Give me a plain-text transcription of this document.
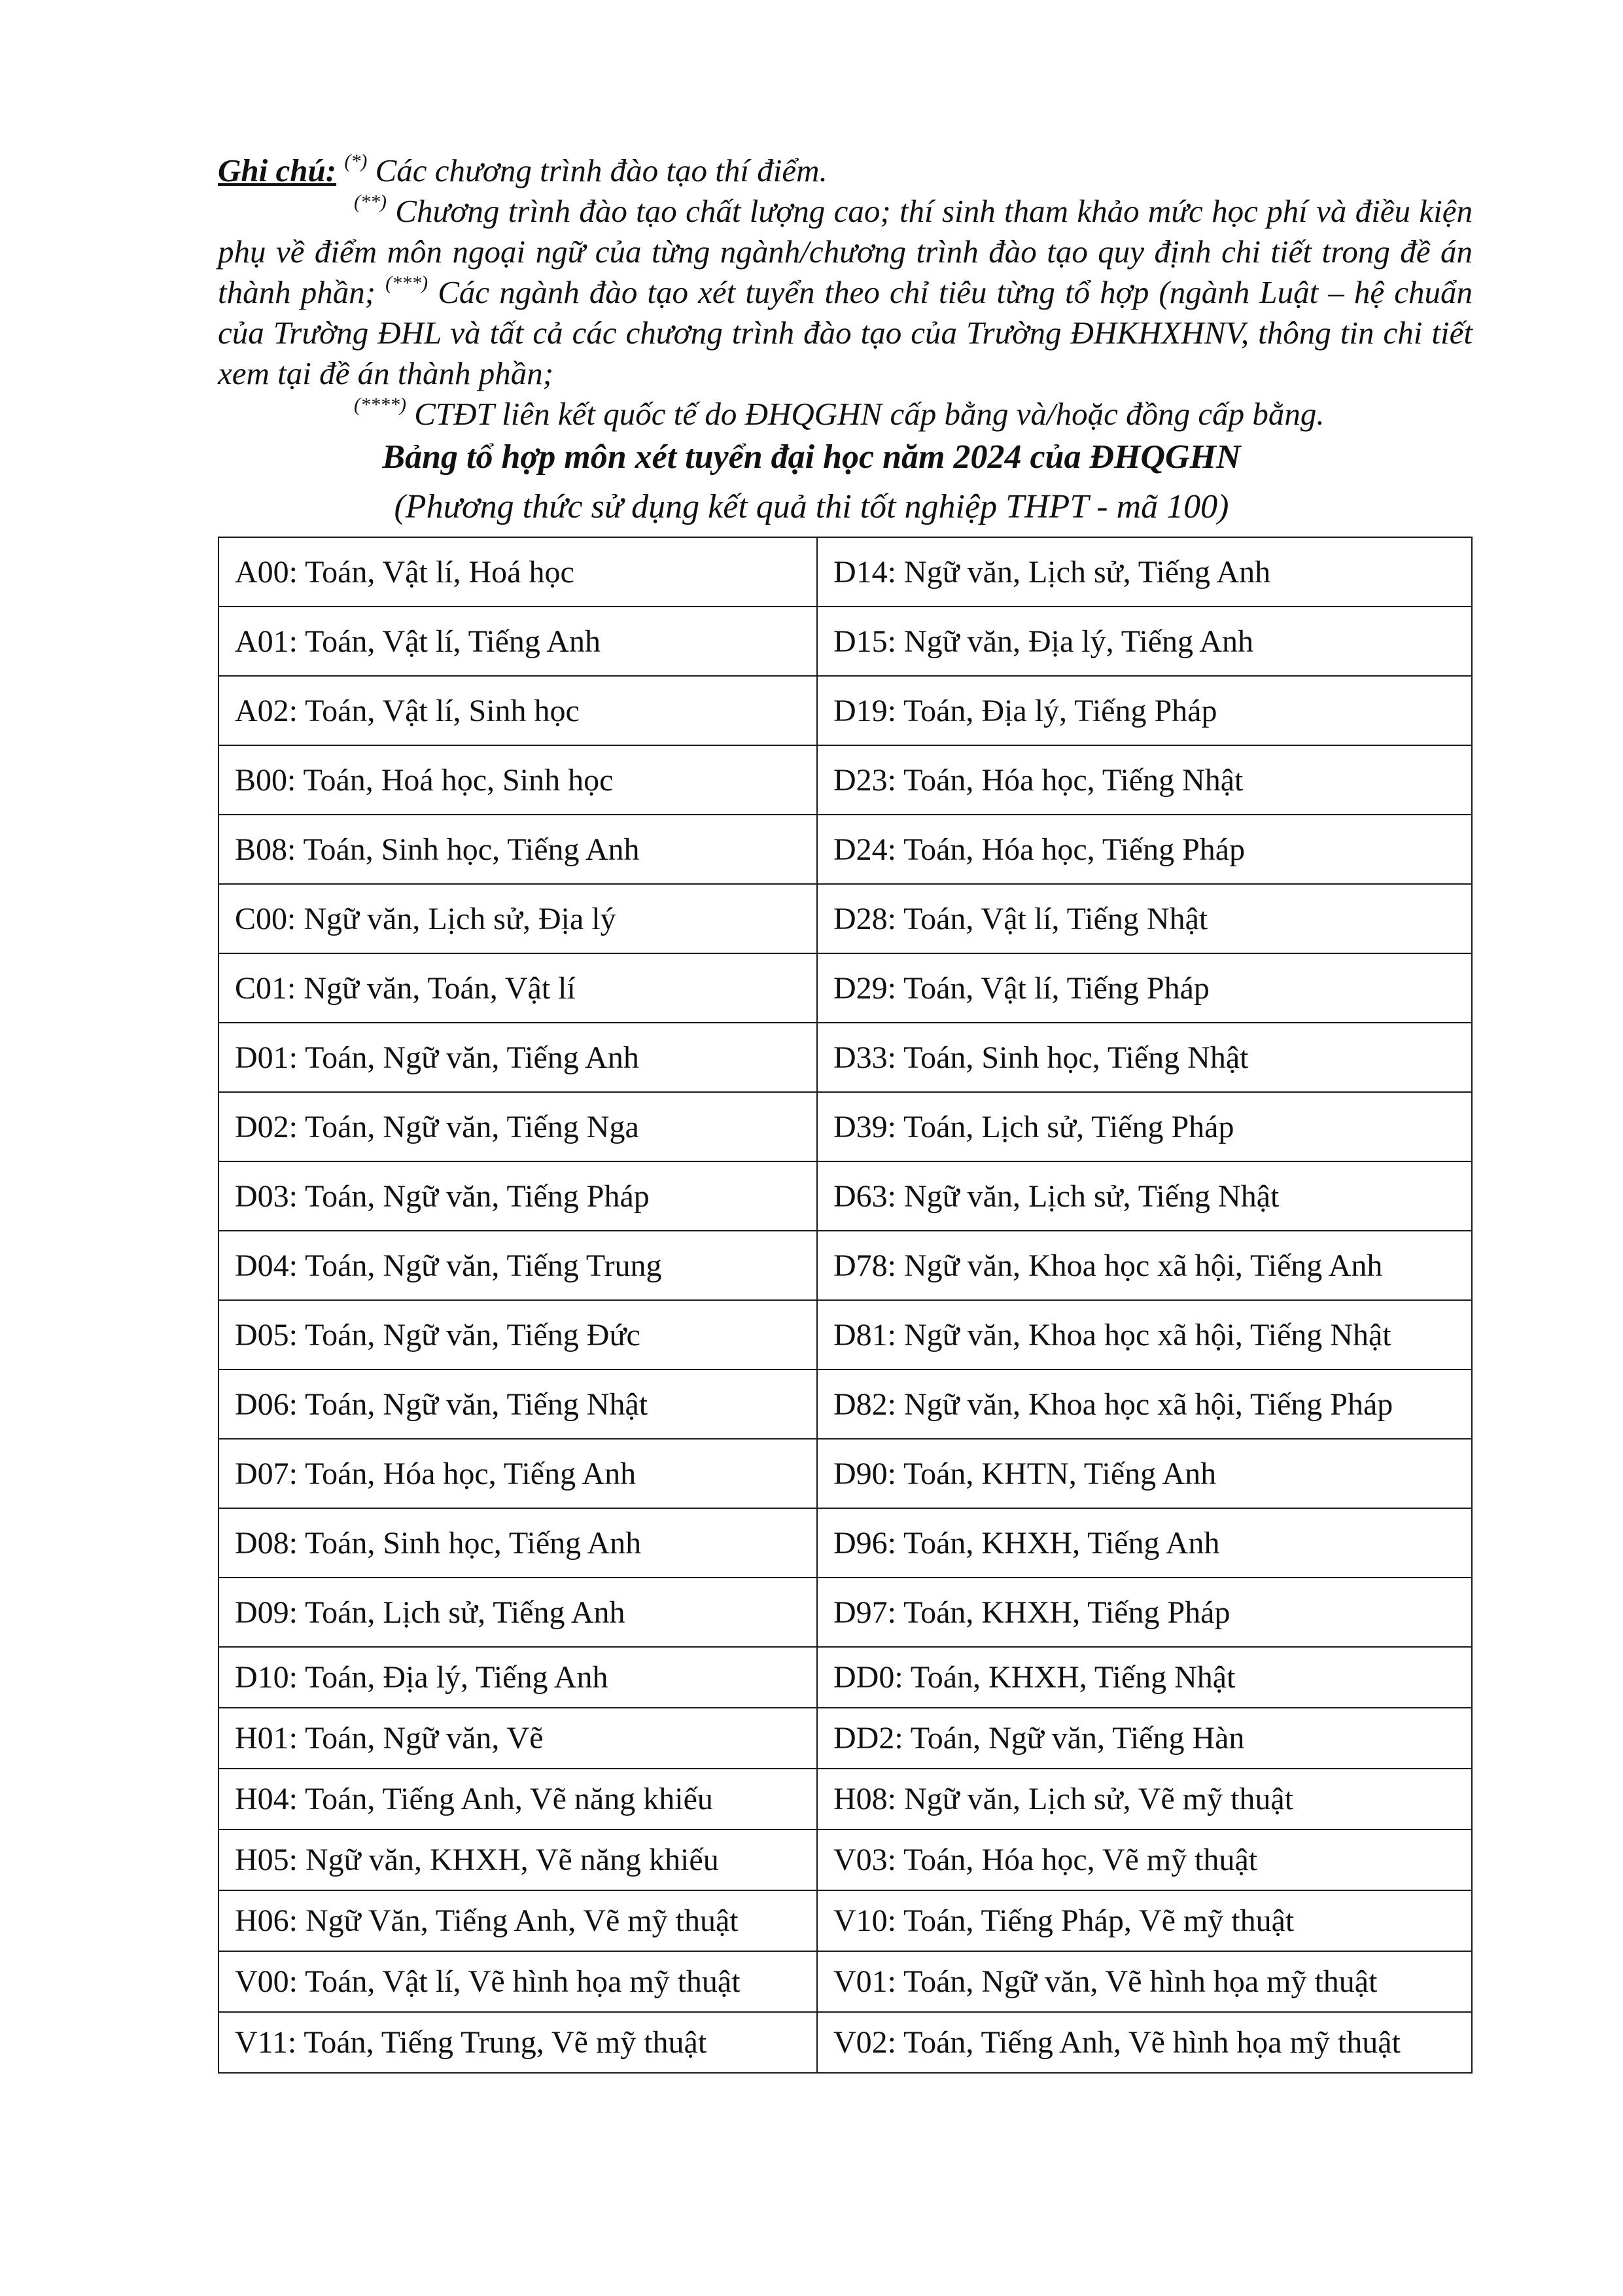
Ghi chú: (*) Các chương trình đào tạo thí điểm.

(**) Chương trình đào tạo chất lượng cao; thí sinh tham khảo mức học phí và điều kiện phụ về điểm môn ngoại ngữ của từng ngành/chương trình đào tạo quy định chi tiết trong đề án thành phần; (***) Các ngành đào tạo xét tuyển theo chỉ tiêu từng tổ hợp (ngành Luật – hệ chuẩn của Trường ĐHL và tất cả các chương trình đào tạo của Trường ĐHKHXHNV, thông tin chi tiết xem tại đề án thành phần;

(****) CTĐT liên kết quốc tế do ĐHQGHN cấp bằng và/hoặc đồng cấp bằng.

Bảng tổ hợp môn xét tuyển đại học năm 2024 của ĐHQGHN
(Phương thức sử dụng kết quả thi tốt nghiệp THPT - mã 100)
A00: Toán, Vật lí, Hoá học	D14: Ngữ văn, Lịch sử, Tiếng Anh
A01: Toán, Vật lí, Tiếng Anh	D15: Ngữ văn, Địa lý, Tiếng Anh
A02: Toán, Vật lí, Sinh học	D19: Toán, Địa lý, Tiếng Pháp
B00: Toán, Hoá học, Sinh học	D23: Toán, Hóa học, Tiếng Nhật
B08: Toán, Sinh học, Tiếng Anh	D24: Toán, Hóa học, Tiếng Pháp
C00: Ngữ văn, Lịch sử, Địa lý	D28: Toán, Vật lí, Tiếng Nhật
C01: Ngữ văn, Toán, Vật lí	D29: Toán, Vật lí, Tiếng Pháp
D01: Toán, Ngữ văn, Tiếng Anh	D33: Toán, Sinh học, Tiếng Nhật
D02: Toán, Ngữ văn, Tiếng Nga	D39: Toán, Lịch sử, Tiếng Pháp
D03: Toán, Ngữ văn, Tiếng Pháp	D63: Ngữ văn, Lịch sử, Tiếng Nhật
D04: Toán, Ngữ văn, Tiếng Trung	D78: Ngữ văn, Khoa học xã hội, Tiếng Anh
D05: Toán, Ngữ văn, Tiếng Đức	D81: Ngữ văn, Khoa học xã hội, Tiếng Nhật
D06: Toán, Ngữ văn, Tiếng Nhật	D82: Ngữ văn, Khoa học xã hội, Tiếng Pháp
D07: Toán, Hóa học, Tiếng Anh	D90: Toán, KHTN, Tiếng Anh
D08: Toán, Sinh học, Tiếng Anh	D96: Toán, KHXH, Tiếng Anh
D09: Toán, Lịch sử, Tiếng Anh	D97: Toán, KHXH, Tiếng Pháp
D10: Toán, Địa lý, Tiếng Anh	DD0: Toán, KHXH, Tiếng Nhật
H01: Toán, Ngữ văn, Vẽ	DD2: Toán, Ngữ văn, Tiếng Hàn
H04: Toán, Tiếng Anh, Vẽ năng khiếu	H08: Ngữ văn, Lịch sử, Vẽ mỹ thuật
H05: Ngữ văn, KHXH, Vẽ năng khiếu	V03: Toán, Hóa học, Vẽ mỹ thuật
H06: Ngữ Văn, Tiếng Anh, Vẽ mỹ thuật	V10: Toán, Tiếng Pháp, Vẽ mỹ thuật
V00: Toán, Vật lí, Vẽ hình họa mỹ thuật	V01: Toán, Ngữ văn, Vẽ hình họa mỹ thuật
V11: Toán, Tiếng Trung, Vẽ mỹ thuật	V02: Toán, Tiếng Anh, Vẽ hình họa mỹ thuật
